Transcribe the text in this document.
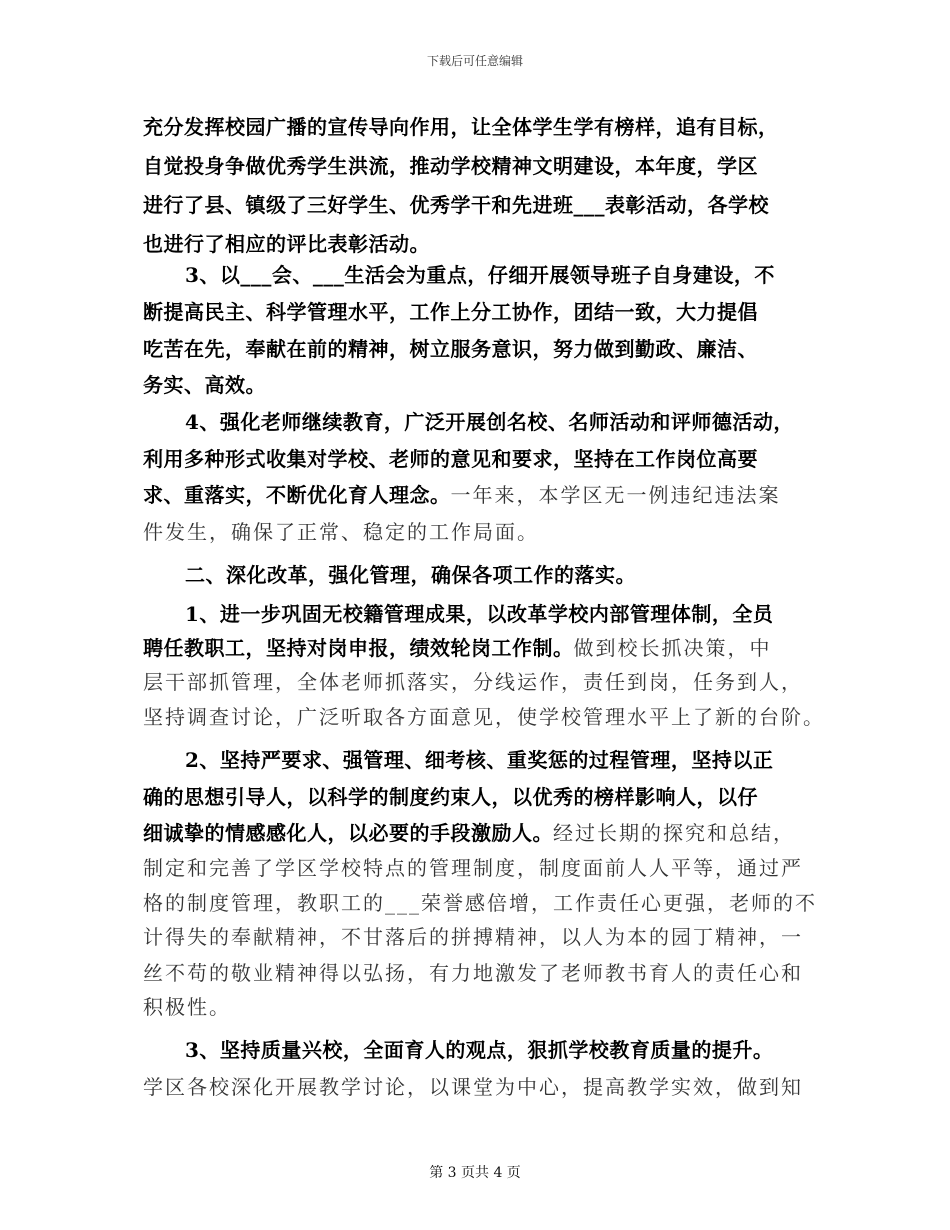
下载后可任意编辑
充分发挥校园广播的宣传导向作用，让全体学生学有榜样，追有目标，
自觉投身争做优秀学生洪流，推动学校精神文明建设，本年度，学区
进行了县、镇级了三好学生、优秀学干和先进班___表彰活动，各学校
也进行了相应的评比表彰活动。
3、以___会、___生活会为重点，仔细开展领导班子自身建设，不
断提高民主、科学管理水平，工作上分工协作，团结一致，大力提倡
吃苦在先，奉献在前的精神，树立服务意识，努力做到勤政、廉洁、
务实、高效。
4、强化老师继续教育，广泛开展创名校、名师活动和评师德活动，
利用多种形式收集对学校、老师的意见和要求，坚持在工作岗位高要
求、重落实，不断优化育人理念。一年来，本学区无一例违纪违法案
件发生，确保了正常、稳定的工作局面。
二、深化改革，强化管理，确保各项工作的落实。
1、进一步巩固无校籍管理成果，以改革学校内部管理体制，全员
聘任教职工，坚持对岗申报，绩效轮岗工作制。做到校长抓决策，中
层干部抓管理，全体老师抓落实，分线运作，责任到岗，任务到人，
坚持调查讨论，广泛听取各方面意见，使学校管理水平上了新的台阶。
2、坚持严要求、强管理、细考核、重奖惩的过程管理，坚持以正
确的思想引导人，以科学的制度约束人，以优秀的榜样影响人，以仔
细诚挚的情感感化人，以必要的手段激励人。经过长期的探究和总结，
制定和完善了学区学校特点的管理制度，制度面前人人平等，通过严
格的制度管理，教职工的___荣誉感倍增，工作责任心更强，老师的不
计得失的奉献精神，不甘落后的拼搏精神，以人为本的园丁精神，一
丝不苟的敬业精神得以弘扬，有力地激发了老师教书育人的责任心和
积极性。
3、坚持质量兴校，全面育人的观点，狠抓学校教育质量的提升。
学区各校深化开展教学讨论，以课堂为中心，提高教学实效，做到知
第 3 页共 4 页
